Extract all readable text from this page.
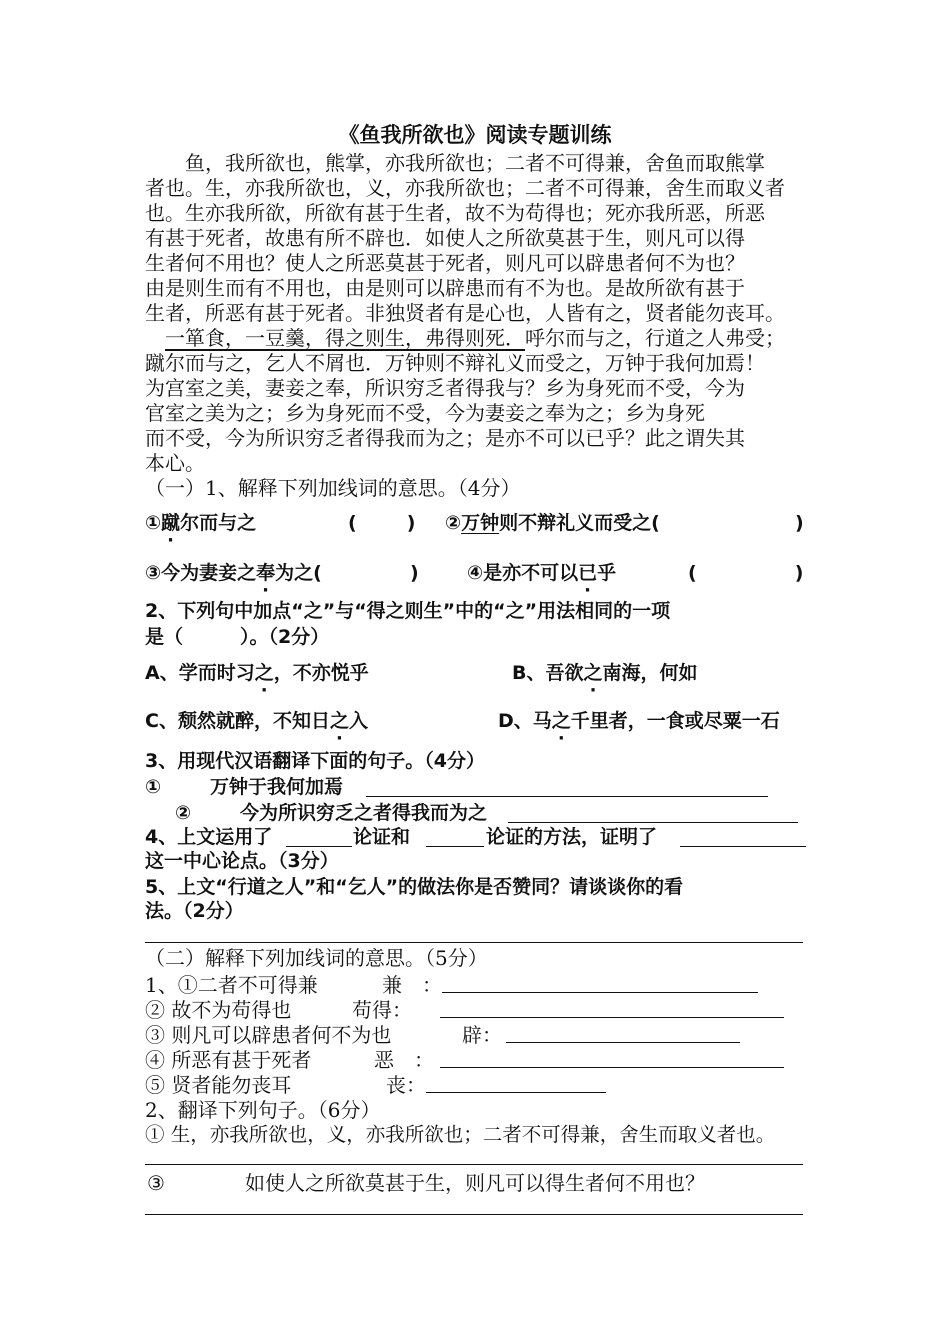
《鱼我所欲也》阅读专题训练
　　鱼，我所欲也，熊掌，亦我所欲也；二者不可得兼，舍鱼而取熊掌
者也。生，亦我所欲也，义，亦我所欲也；二者不可得兼，舍生而取义者
也。生亦我所欲，所欲有甚于生者，故不为苟得也；死亦我所恶，所恶
有甚于死者，故患有所不辟也．如使人之所欲莫甚于生，则凡可以得
生者何不用也？使人之所恶莫甚于死者，则凡可以辟患者何不为也？
由是则生而有不用也，由是则可以辟患而有不为也。是故所欲有甚于
生者，所恶有甚于死者。非独贤者有是心也，人皆有之，贤者能勿丧耳。
　一箪食，一豆羹，得之则生，弗得则死．呼尔而与之，行道之人弗受；
蹴尔而与之，乞人不屑也．万钟则不辩礼义而受之，万钟于我何加焉！
为宫室之美，妻妾之奉，所识穷乏者得我与？乡为身死而不受，今为
官室之美为之；乡为身死而不受，今为妻妾之奉为之；乡为身死
而不受，今为所识穷乏者得我而为之；是亦不可以已乎？此之谓失其
本心。
（一）1、解释下列加线词的意思。（4分）
①蹴尔而与之	(	) ②万钟则不辩礼义而受之(	)
③今为妻妾之奉为之(	)	④是亦不可以已乎	(	)
2、下列句中加点“之”与“得之则生”中的“之”用法相同的一项
是（　　　）。（2分）
A、学而时习之，不亦悦乎	B、吾欲之南海，何如
C、颓然就醉，不知日之入	D、马之千里者，一食或尽粟一石
3、用现代汉语翻译下面的句子。（4分）
①	万钟于我何加焉
②	今为所识穷乏之者得我而为之
4、上文运用了	论证和	论证的方法，证明了
这一中心论点。（3分）
5、上文“行道之人”和“乞人”的做法你是否赞同？请谈谈你的看
法。（2分）
（二）解释下列加线词的意思。（5分）
1、①二者不可得兼	兼　：
② 故不为苟得也	苟得：
③ 则凡可以辟患者何不为也	辟：
④ 所恶有甚于死者	恶　：
⑤ 贤者能勿丧耳	丧：
2、翻译下列句子。（6分）
① 生，亦我所欲也，义，亦我所欲也；二者不可得兼，舍生而取义者也。
③	如使人之所欲莫甚于生，则凡可以得生者何不用也？
